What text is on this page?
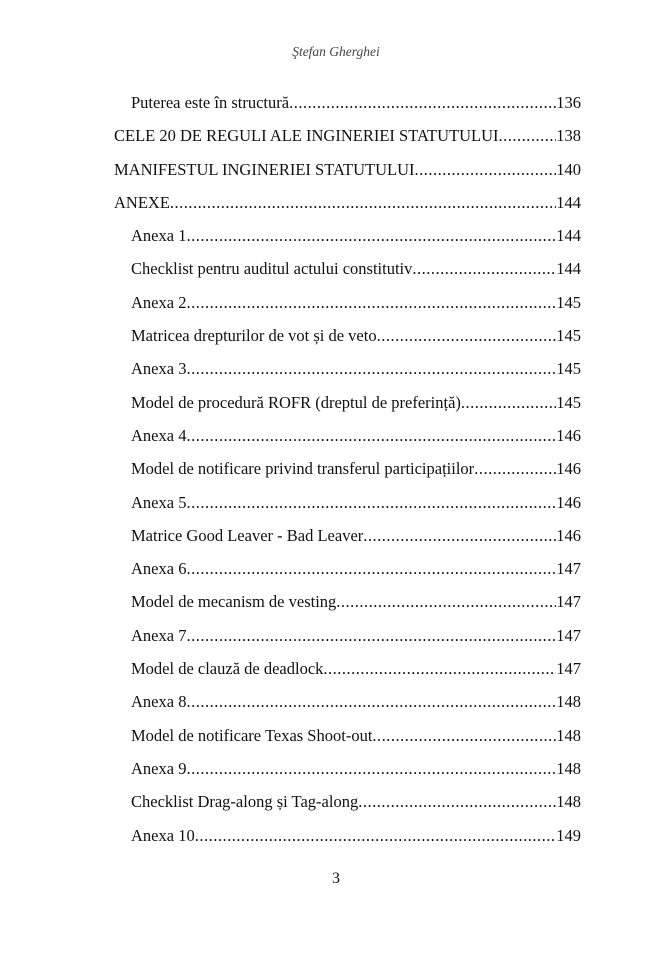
Ştefan Gherghei
Puterea este în structură .....	136
CELE 20 DE REGULI ALE INGINERIEI STATUTULUI .....	138
MANIFESTUL INGINERIEI STATUTULUI .....	140
ANEXE .....	144
Anexa 1 .....	144
Checklist pentru auditul actului constitutiv .....	144
Anexa 2 .....	145
Matricea drepturilor de vot și de veto .....	145
Anexa 3 .....	145
Model de procedură ROFR (dreptul de preferință) .....	145
Anexa 4 .....	146
Model de notificare privind transferul participațiilor .....	146
Anexa 5 .....	146
Matrice Good Leaver - Bad Leaver .....	146
Anexa 6 .....	147
Model de mecanism de vesting .....	147
Anexa 7 .....	147
Model de clauză de deadlock .....	147
Anexa 8 .....	148
Model de notificare Texas Shoot-out .....	148
Anexa 9 .....	148
Checklist Drag-along și Tag-along .....	148
Anexa 10 .....	149
3
